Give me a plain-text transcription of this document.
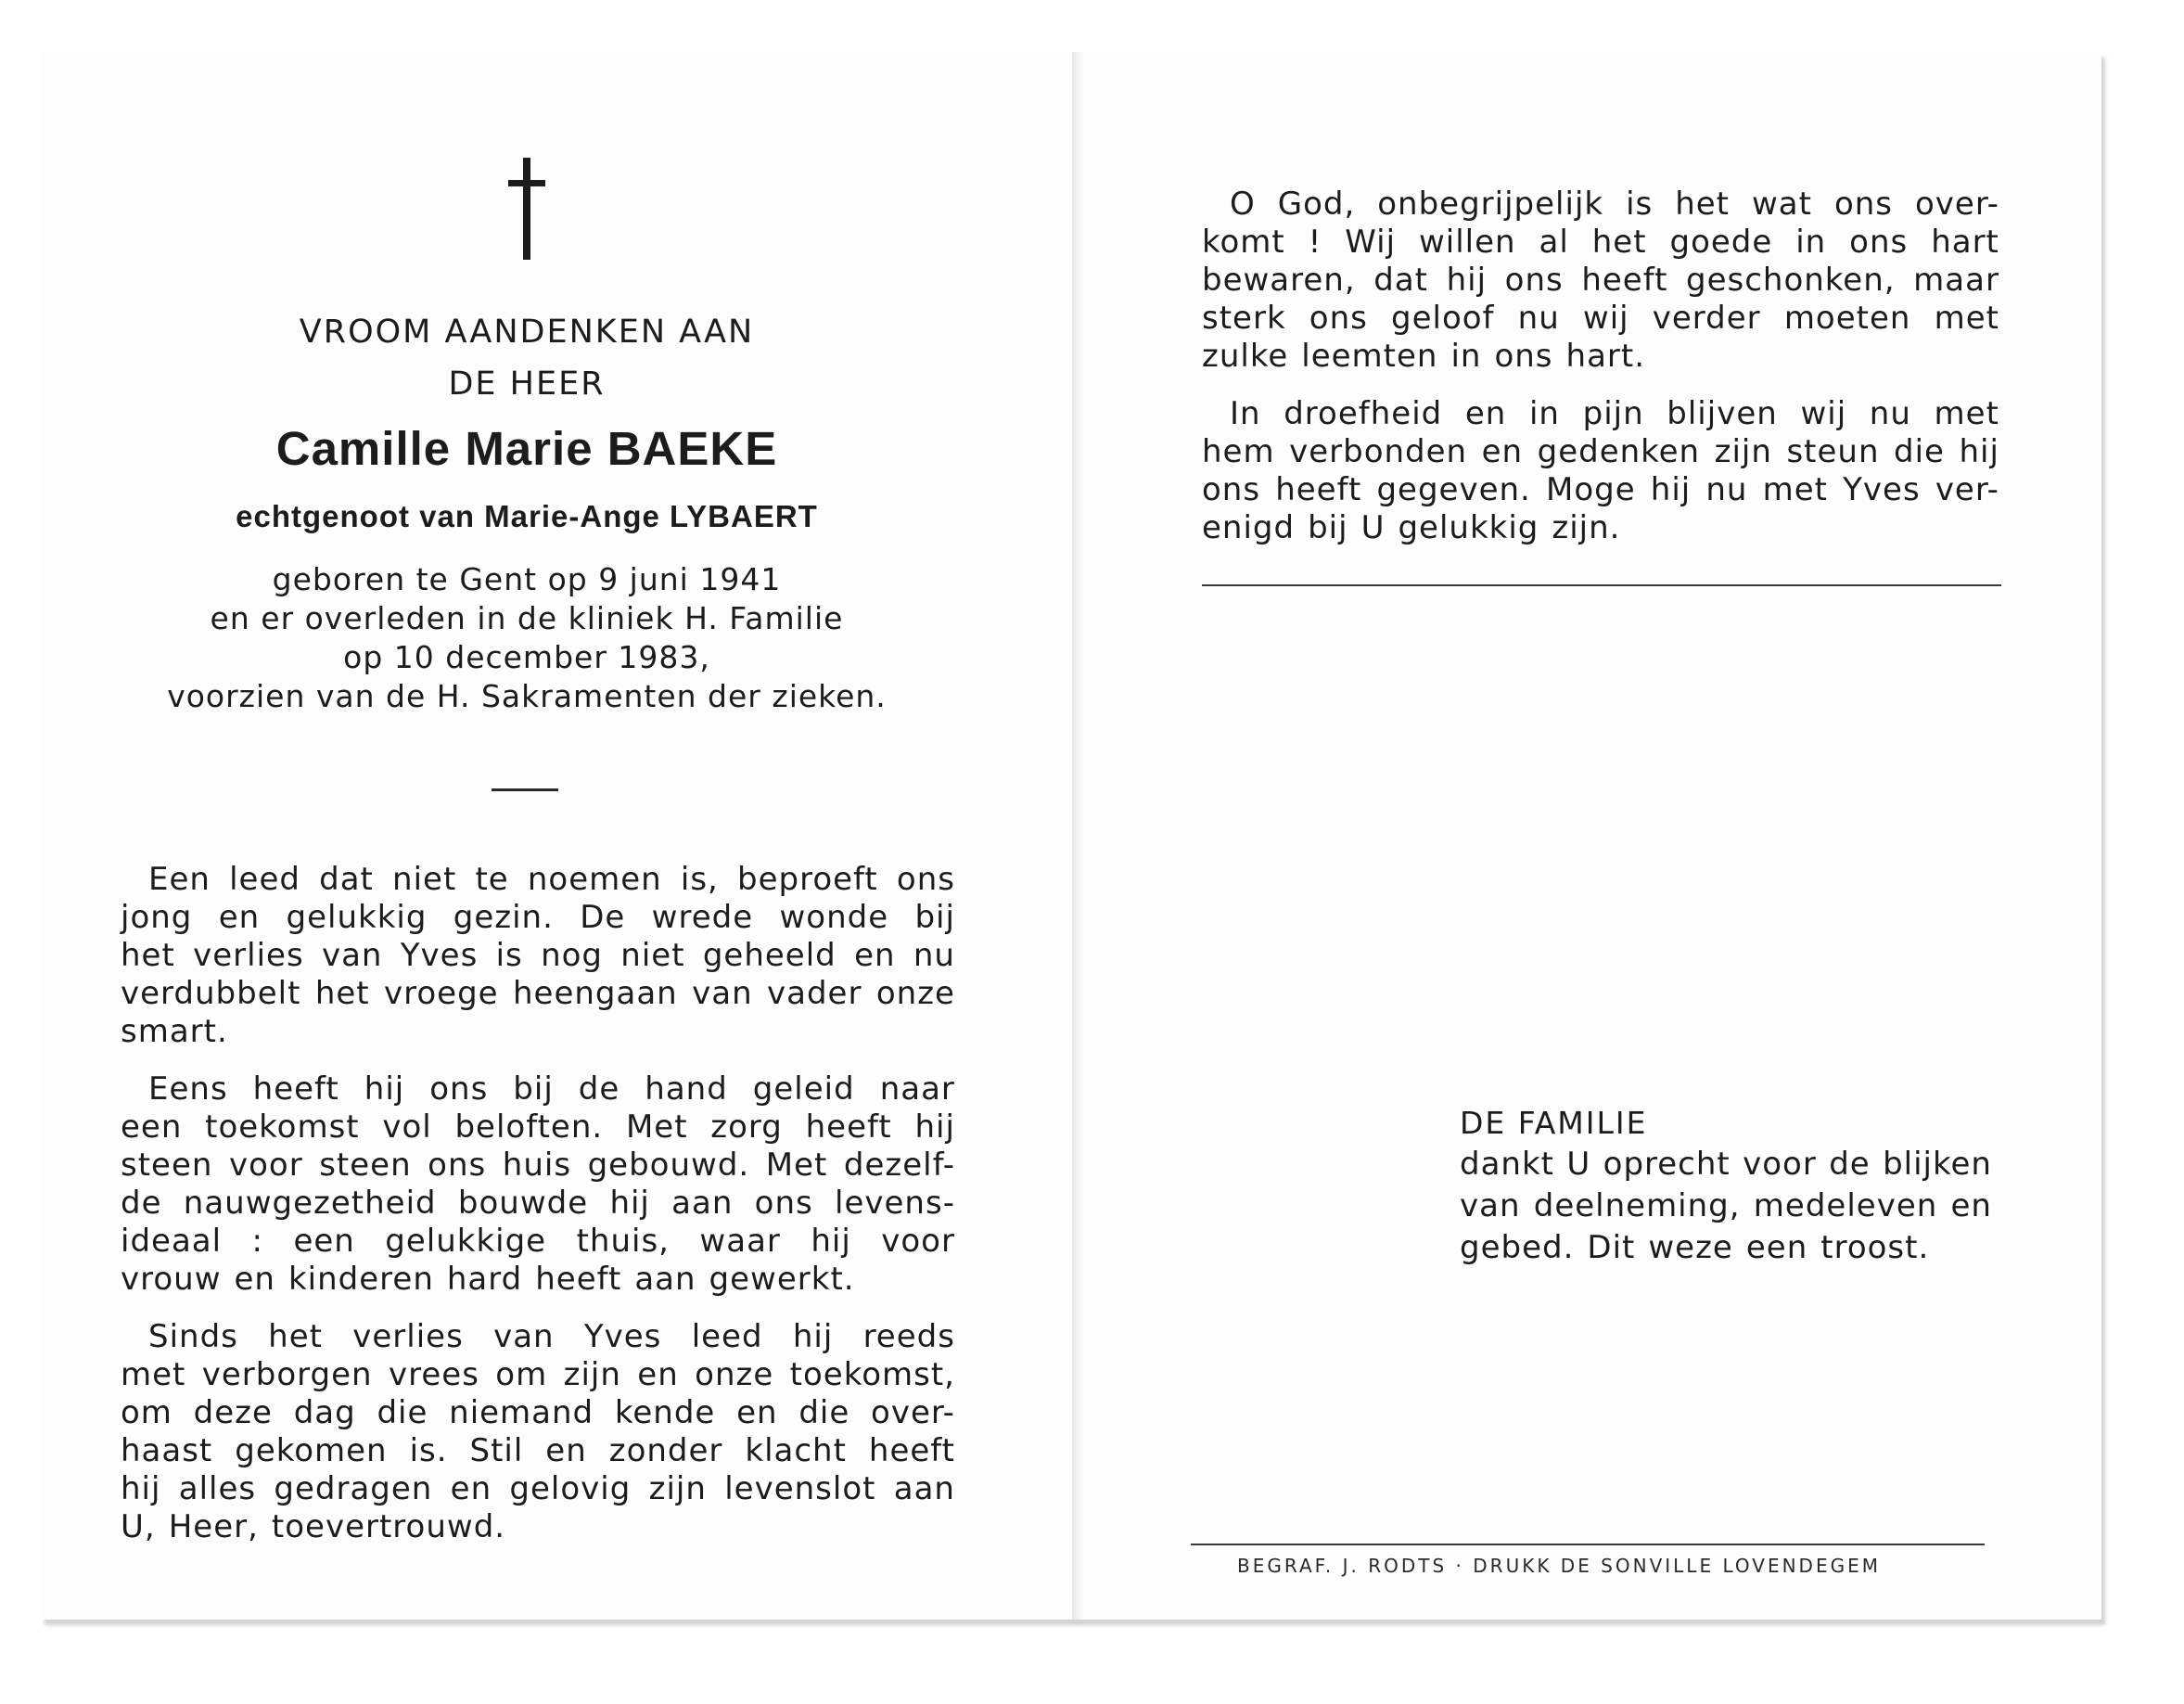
VROOM AANDENKEN AAN
DE HEER
Camille Marie BAEKE
echtgenoot van Marie-Ange LYBAERT
geboren te Gent op 9 juni 1941
en er overleden in de kliniek H. Familie
op 10 december 1983,
voorzien van de H. Sakramenten der zieken.
Een leed dat niet te noemen is, beproeft ons
jong en gelukkig gezin. De wrede wonde bij
het verlies van Yves is nog niet geheeld en nu
verdubbelt het vroege heengaan van vader onze
smart.
Eens heeft hij ons bij de hand geleid naar
een toekomst vol beloften. Met zorg heeft hij
steen voor steen ons huis gebouwd. Met dezelf-
de nauwgezetheid bouwde hij aan ons levens-
ideaal : een gelukkige thuis, waar hij voor
vrouw en kinderen hard heeft aan gewerkt.
Sinds het verlies van Yves leed hij reeds
met verborgen vrees om zijn en onze toekomst,
om deze dag die niemand kende en die over-
haast gekomen is. Stil en zonder klacht heeft
hij alles gedragen en gelovig zijn levenslot aan
U, Heer, toevertrouwd.
O God, onbegrijpelijk is het wat ons over-
komt ! Wij willen al het goede in ons hart
bewaren, dat hij ons heeft geschonken, maar
sterk ons geloof nu wij verder moeten met
zulke leemten in ons hart.
In droefheid en in pijn blijven wij nu met
hem verbonden en gedenken zijn steun die hij
ons heeft gegeven. Moge hij nu met Yves ver-
enigd bij U gelukkig zijn.
DE FAMILIE
dankt U oprecht voor de blijken
van deelneming, medeleven en
gebed. Dit weze een troost.
BEGRAF. J. RODTS · DRUKK DE SONVILLE LOVENDEGEM
